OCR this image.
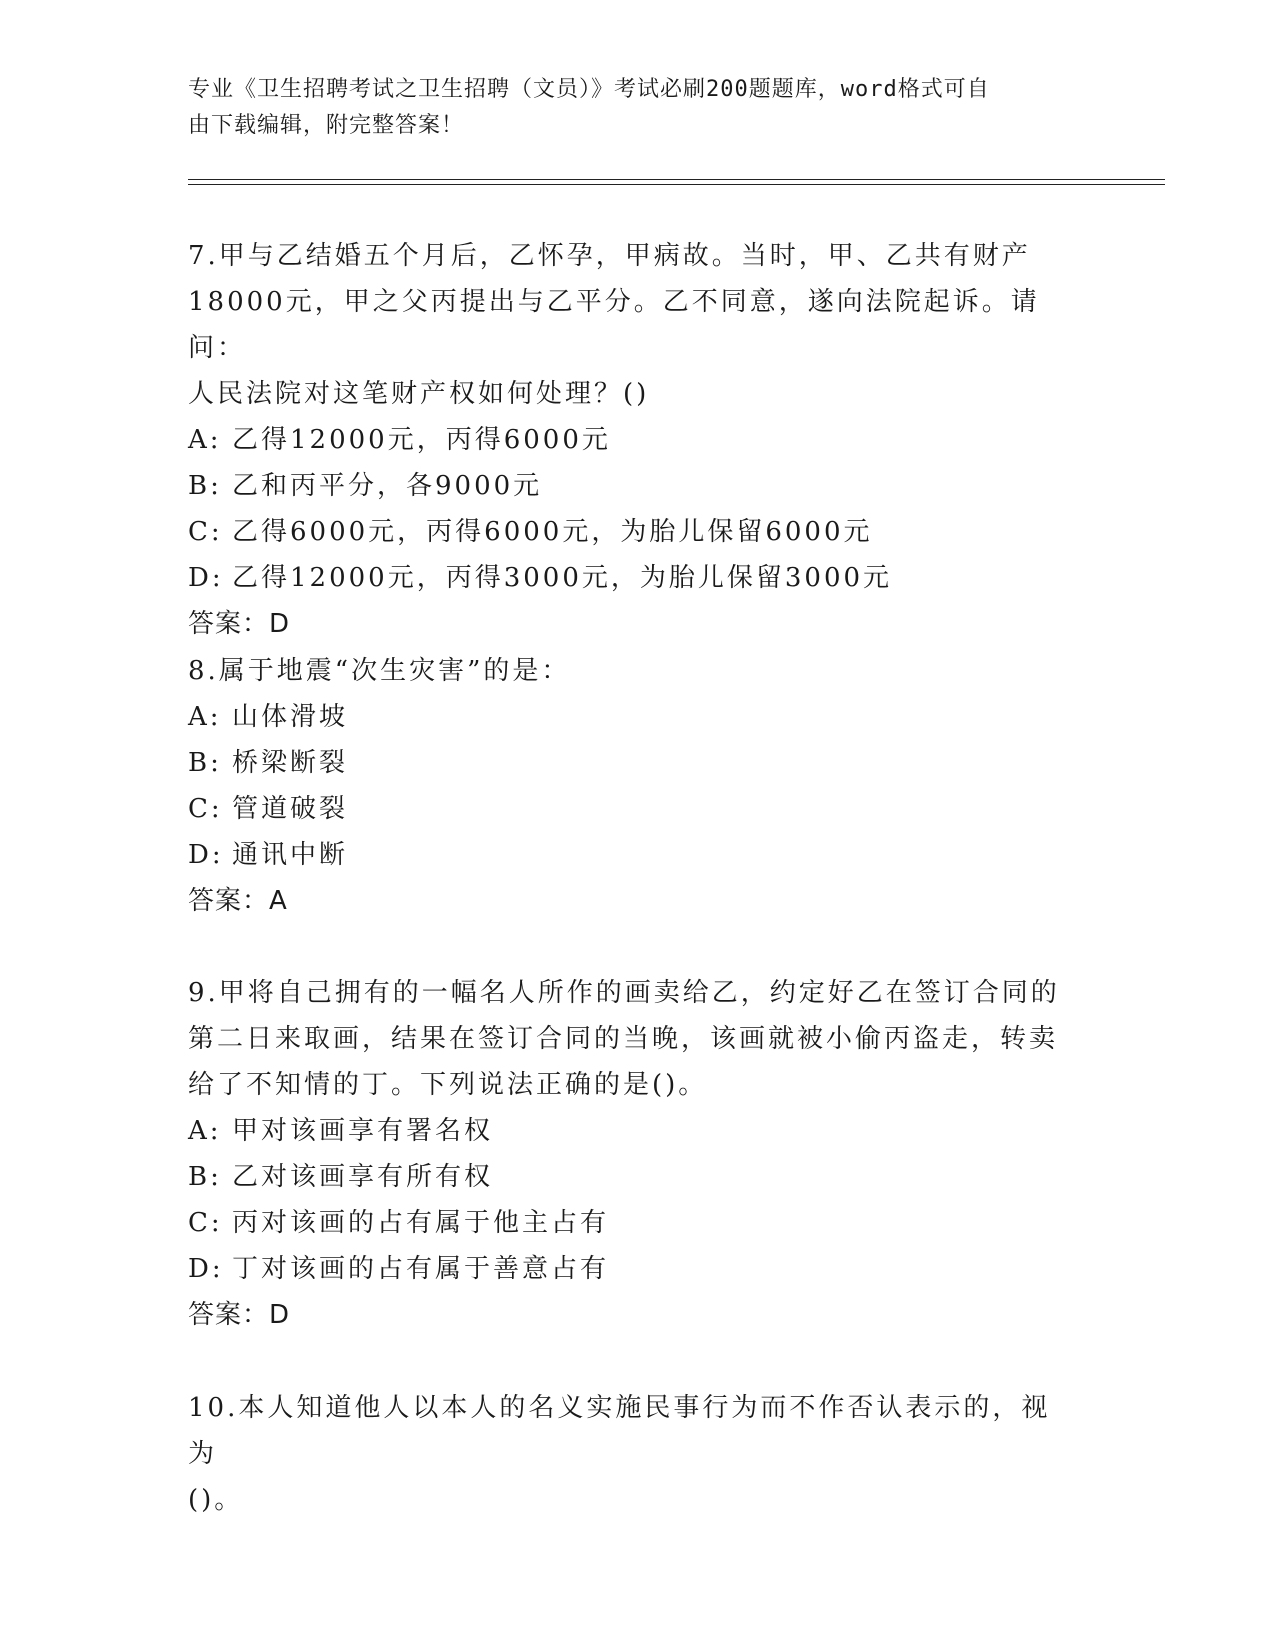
专业《卫生招聘考试之卫生招聘（文员）》考试必刷200题题库，word格式可自
由下载编辑，附完整答案！

7.甲与乙结婚五个月后，乙怀孕，甲病故。当时，甲、乙共有财产

18000元，甲之父丙提出与乙平分。乙不同意，遂向法院起诉。请问：

人民法院对这笔财产权如何处理？()

A: 乙得12000元，丙得6000元

B: 乙和丙平分，各9000元

C: 乙得6000元，丙得6000元，为胎儿保留6000元

D: 乙得12000元，丙得3000元，为胎儿保留3000元

答案：D

8.属于地震“次生灾害”的是：

A: 山体滑坡

B: 桥梁断裂

C: 管道破裂

D: 通讯中断

答案：A

9.甲将自己拥有的一幅名人所作的画卖给乙，约定好乙在签订合同的

第二日来取画，结果在签订合同的当晚，该画就被小偷丙盗走，转卖

给了不知情的丁。下列说法正确的是()。

A: 甲对该画享有署名权

B: 乙对该画享有所有权

C: 丙对该画的占有属于他主占有

D: 丁对该画的占有属于善意占有

答案：D

10.本人知道他人以本人的名义实施民事行为而不作否认表示的，视为

()。
